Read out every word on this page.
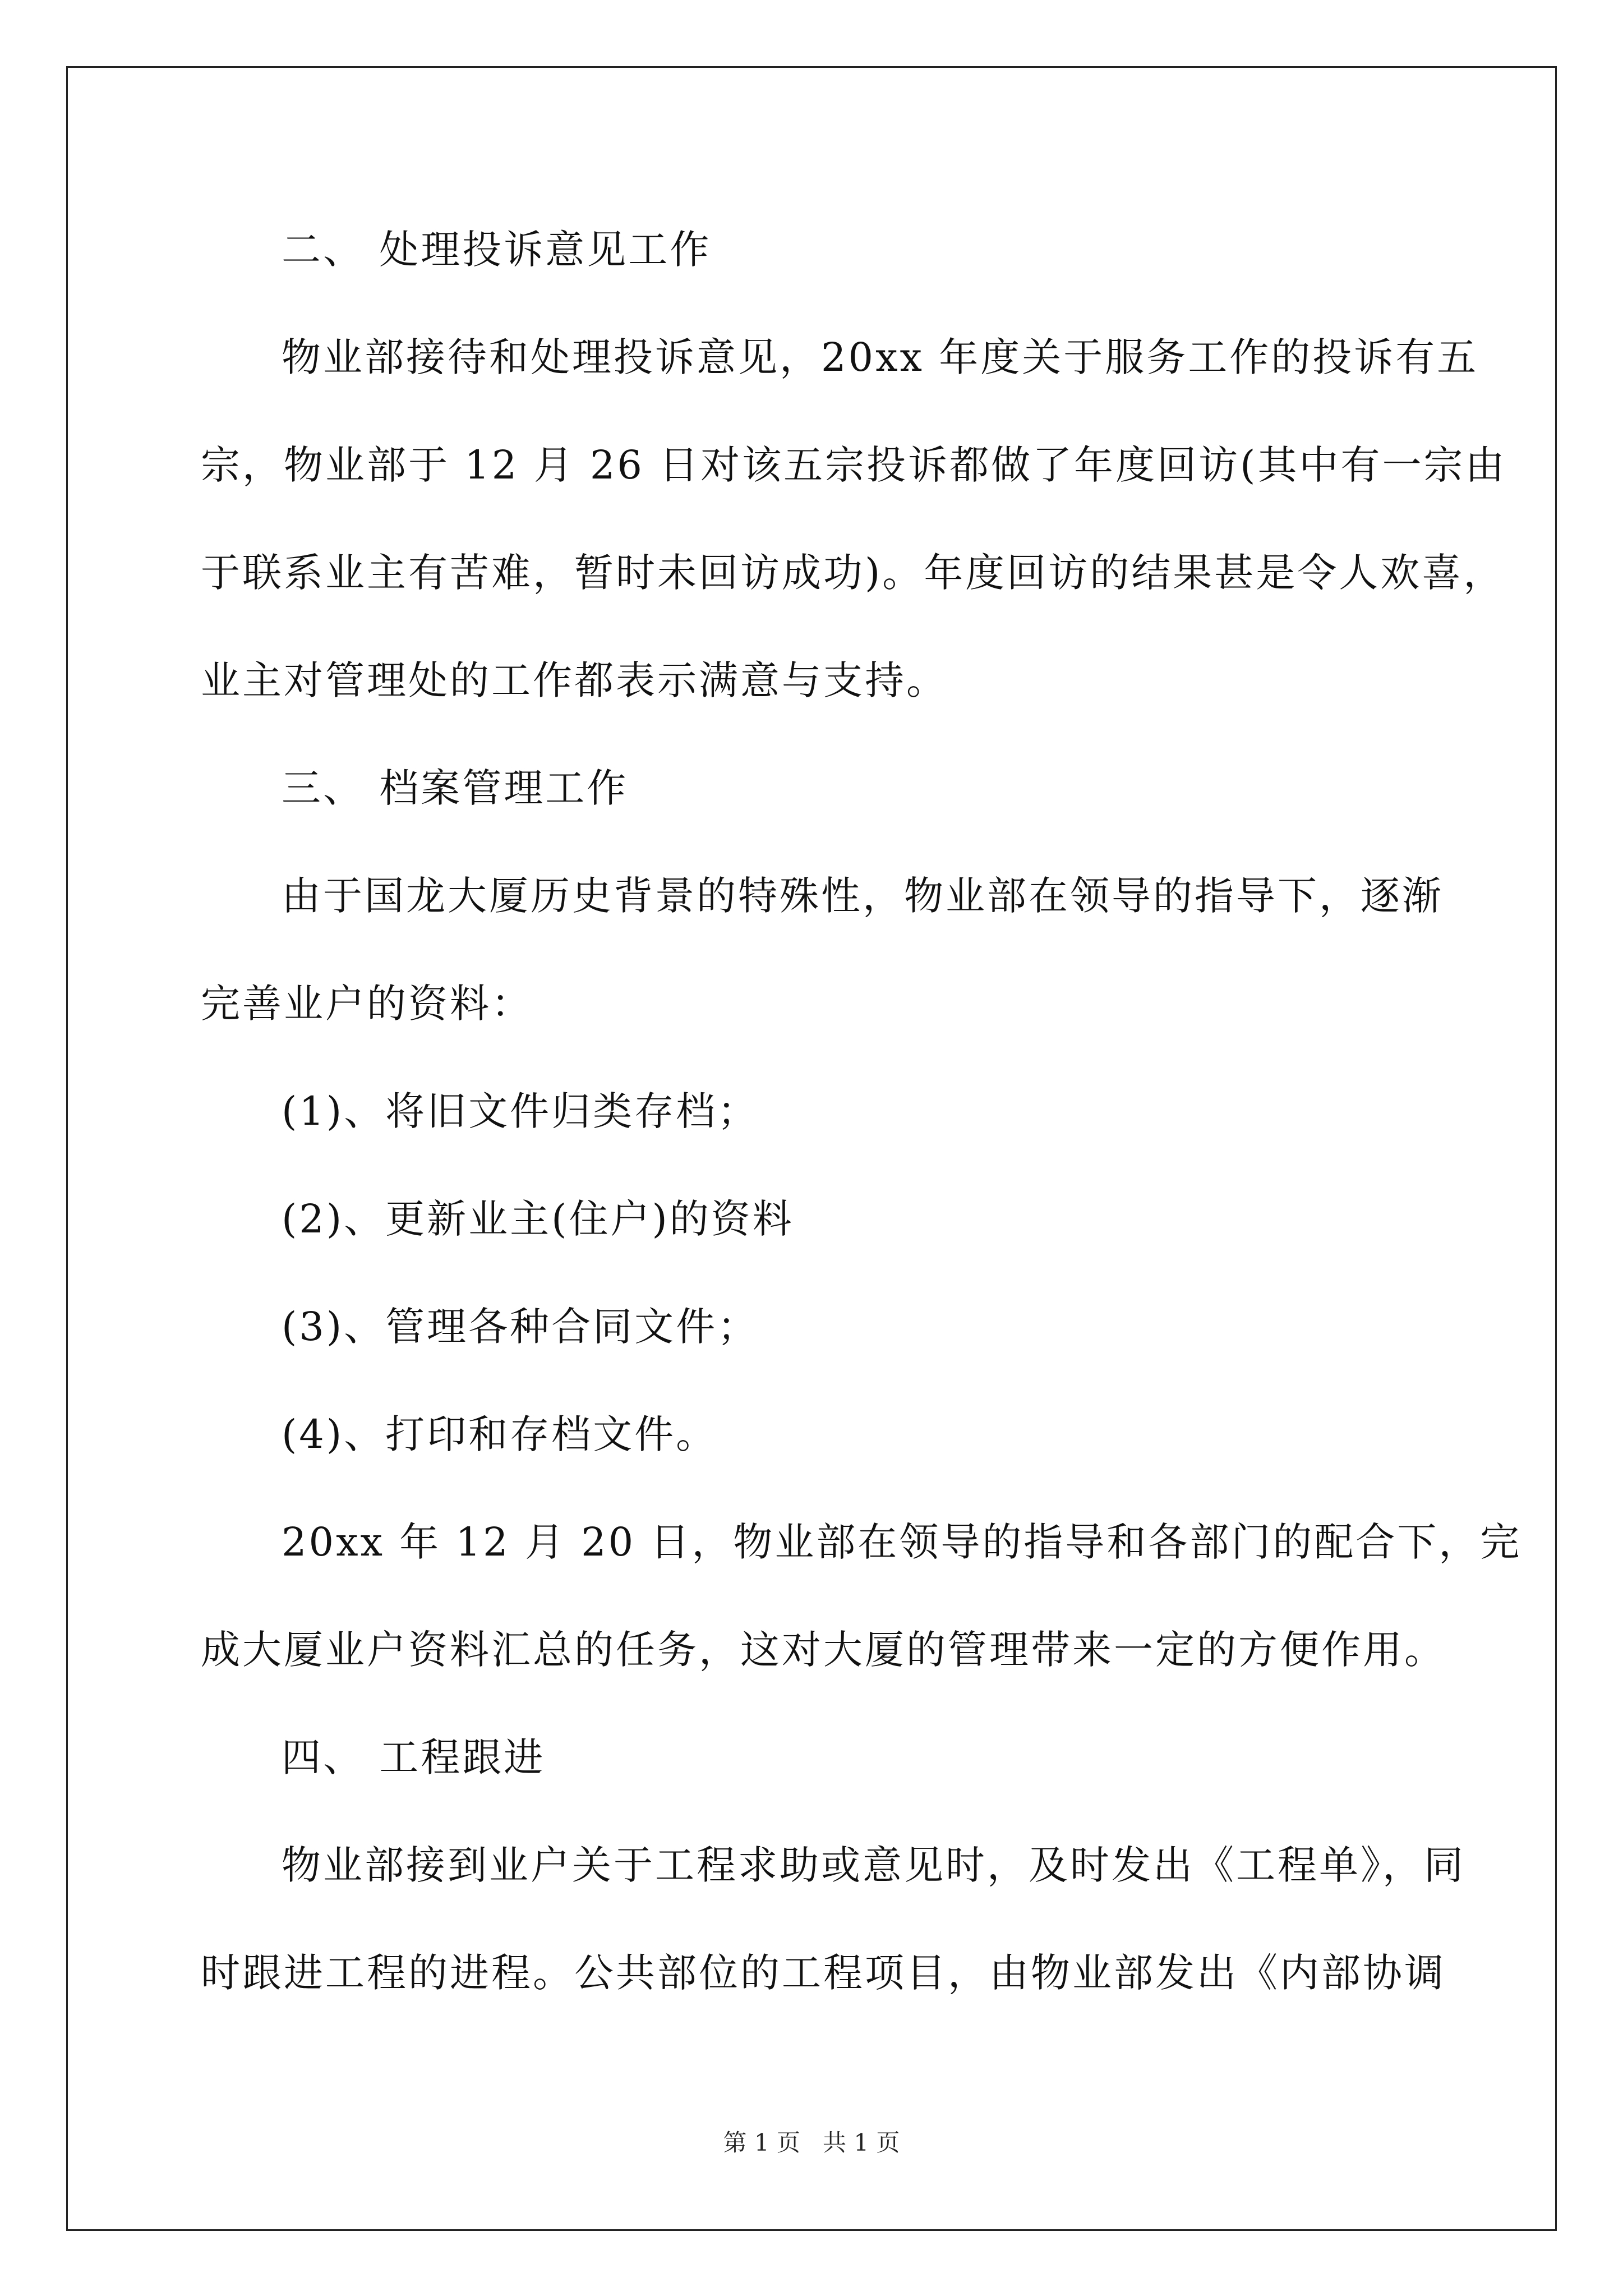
二、 处理投诉意见工作
物业部接待和处理投诉意见，20xx 年度关于服务工作的投诉有五
宗，物业部于 12 月 26 日对该五宗投诉都做了年度回访(其中有一宗由
于联系业主有苦难，暂时未回访成功)。年度回访的结果甚是令人欢喜，
业主对管理处的工作都表示满意与支持。
三、 档案管理工作
由于国龙大厦历史背景的特殊性，物业部在领导的指导下，逐渐
完善业户的资料：
(1)、将旧文件归类存档；
(2)、更新业主(住户)的资料
(3)、管理各种合同文件；
(4)、打印和存档文件。
20xx 年 12 月 20 日，物业部在领导的指导和各部门的配合下，完
成大厦业户资料汇总的任务，这对大厦的管理带来一定的方便作用。
四、 工程跟进
物业部接到业户关于工程求助或意见时，及时发出《工程单》，同
时跟进工程的进程。公共部位的工程项目，由物业部发出《内部协调
第 1 页   共 1 页
